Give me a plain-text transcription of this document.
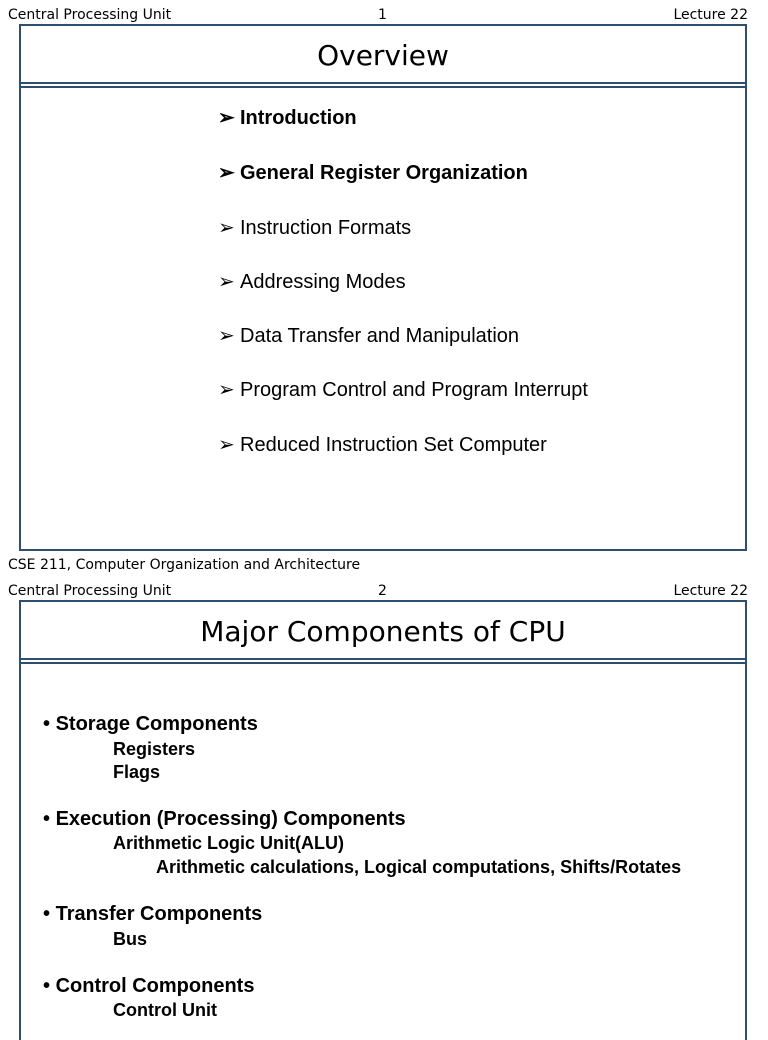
Central Processing Unit	1	Lecture 22
Overview
➢ Introduction
➢ General Register Organization
➢ Instruction Formats
➢ Addressing Modes
➢ Data Transfer and Manipulation
➢ Program Control and Program Interrupt
➢ Reduced Instruction Set Computer
CSE 211, Computer Organization and Architecture
Central Processing Unit	2	Lecture 22
Major Components of CPU
• Storage Components
Registers
Flags
• Execution (Processing) Components
Arithmetic Logic Unit(ALU)
Arithmetic calculations, Logical computations, Shifts/Rotates
• Transfer Components
Bus
• Control Components
Control Unit
